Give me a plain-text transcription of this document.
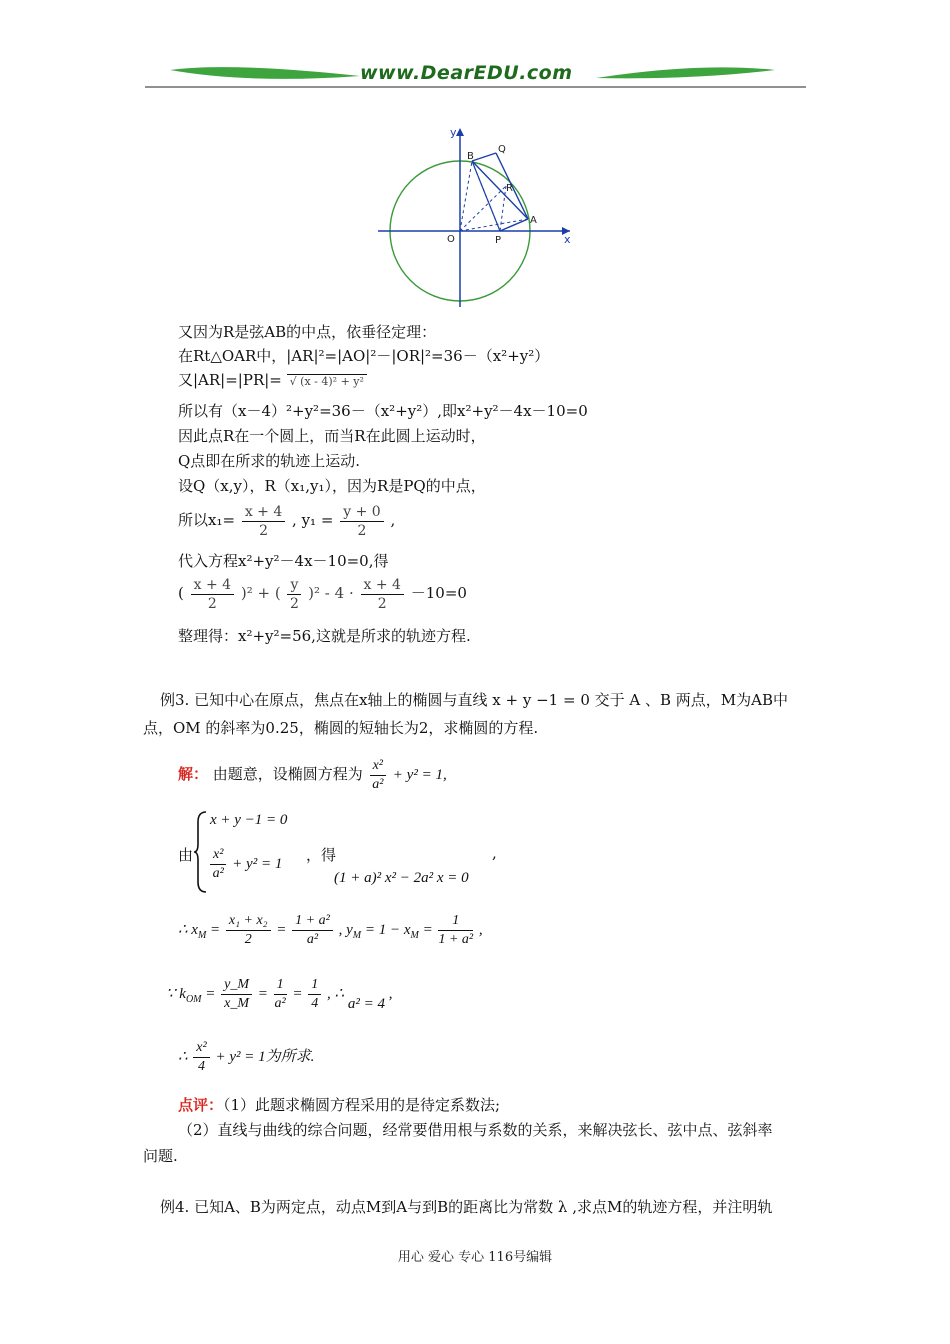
www.DearEDU.com
y
x
O
B
Q
R
A
P
又因为R是弦AB的中点，依垂径定理：
在Rt△OAR中，|AR|²=|AO|²－|OR|²=36－（x²+y²）
又|AR|=|PR|= √ (x - 4)² + y²
所以有（x－4）²+y²=36－（x²+y²）,即x²+y²－4x－10=0
因此点R在一个圆上，而当R在此圆上运动时，
Q点即在所求的轨迹上运动.
设Q（x,y），R（x₁,y₁），因为R是PQ的中点，
所以$x_1= \frac{x + 4}{2}$ , $y_1 = \frac{y + 0}{2}$ ,
代入方程x²+y²－4x－10=0,得
( $\frac{x + 4}{2} )^2$ + ( $\frac{y}{2} )^2 - 4 \cdot \frac{x + 4}{2} -10=0$
整理得：x²+y²=56,这就是所求的轨迹方程.
例3. 已知中心在原点，焦点在x轴上的椭圆与直线 x + y −1 = 0 交于 A 、B 两点，M为AB中
点，OM 的斜率为0.25，椭圆的短轴长为2，求椭圆的方程.
解： 由题意，设椭圆方程为 $\frac{\text{x²}}{\text{a²}} + y^2 = 1$,
由
x + y −1 = 0
$\frac{\text{x²}}{\text{a²}} + y^2 = 1$ ，得
(1 + a)² x² − 2a² x = 0
,
∴ $x_M = \frac{\text{x₁ + x₂}}{2} = \frac{\text{1 + a²}}{\text{a²}}$ , $y_M = 1 - x_M = \frac{1}{\text{1 + a²}}$ ,
∵ $k_{OM} = \frac{y\_M}{x\_M} = \frac{1}{\text{a²}} = \frac{1}{4}$ , ∴ a² = 4 ,
∴ $\frac{\text{x²}}{4} + y^2 = 1$为所求.
点评：（1）此题求椭圆方程采用的是待定系数法;
（2）直线与曲线的综合问题，经常要借用根与系数的关系，来解决弦长、弦中点、弦斜率
问题.
例4. 已知A、B为两定点，动点M到A与到B的距离比为常数 λ ,求点M的轨迹方程，并注明轨
用心 爱心 专心 116号编辑
